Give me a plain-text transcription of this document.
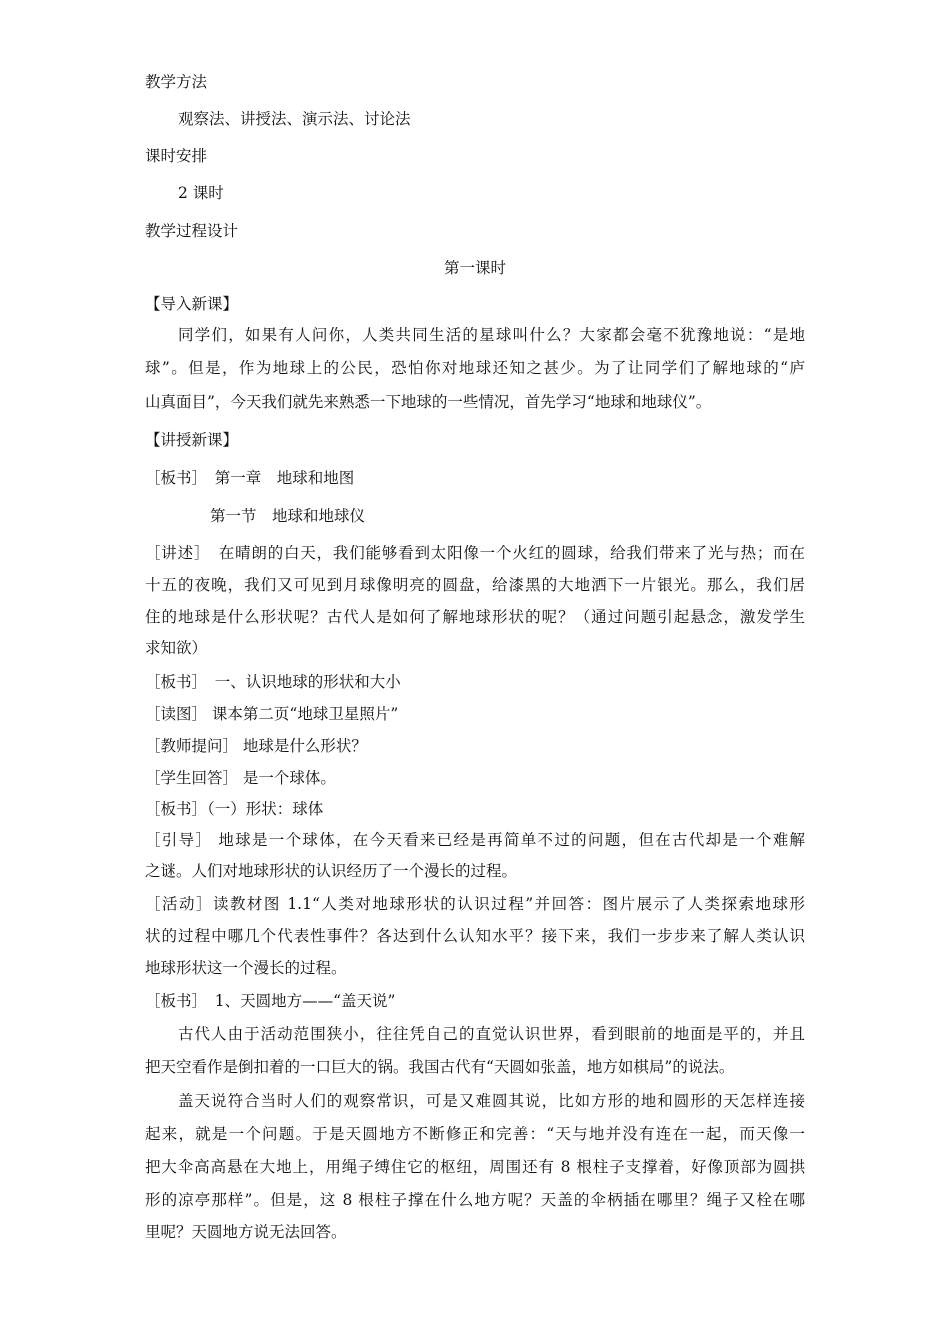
教学方法
观察法、讲授法、演示法、讨论法
课时安排
2 课时
教学过程设计
第一课时
【导入新课】
同学们，如果有人问你，人类共同生活的星球叫什么？大家都会毫不犹豫地说：“是地
球”。但是，作为地球上的公民，恐怕你对地球还知之甚少。为了让同学们了解地球的“庐
山真面目”，今天我们就先来熟悉一下地球的一些情况，首先学习“地球和地球仪”。
【讲授新课】
［板书］　第一章　地球和地图
第一节　地球和地球仪
［讲述］　在晴朗的白天，我们能够看到太阳像一个火红的圆球，给我们带来了光与热；而在
十五的夜晚，我们又可见到月球像明亮的圆盘，给漆黑的大地洒下一片银光。那么，我们居
住的地球是什么形状呢？古代人是如何了解地球形状的呢？（通过问题引起悬念，激发学生
求知欲）
［板书］　一、认识地球的形状和大小
［读图］ 课本第二页“地球卫星照片”
［教师提问］ 地球是什么形状？
［学生回答］ 是一个球体。
［板书］（一）形状：球体
［引导］ 地球是一个球体，在今天看来已经是再简单不过的问题，但在古代却是一个难解
之谜。人们对地球形状的认识经历了一个漫长的过程。
［活动］读教材图 1.1“人类对地球形状的认识过程”并回答：图片展示了人类探索地球形
状的过程中哪几个代表性事件？各达到什么认知水平？接下来，我们一步步来了解人类认识
地球形状这一个漫长的过程。
［板书］　1、天圆地方——“盖天说”
古代人由于活动范围狭小，往往凭自己的直觉认识世界，看到眼前的地面是平的，并且
把天空看作是倒扣着的一口巨大的锅。我国古代有“天圆如张盖，地方如棋局”的说法。
盖天说符合当时人们的观察常识，可是又难圆其说，比如方形的地和圆形的天怎样连接
起来，就是一个问题。于是天圆地方不断修正和完善：“天与地并没有连在一起，而天像一
把大伞高高悬在大地上，用绳子缚住它的枢纽，周围还有 8 根柱子支撑着，好像顶部为圆拱
形的凉亭那样”。但是，这 8 根柱子撑在什么地方呢？天盖的伞柄插在哪里？绳子又栓在哪
里呢？天圆地方说无法回答。
